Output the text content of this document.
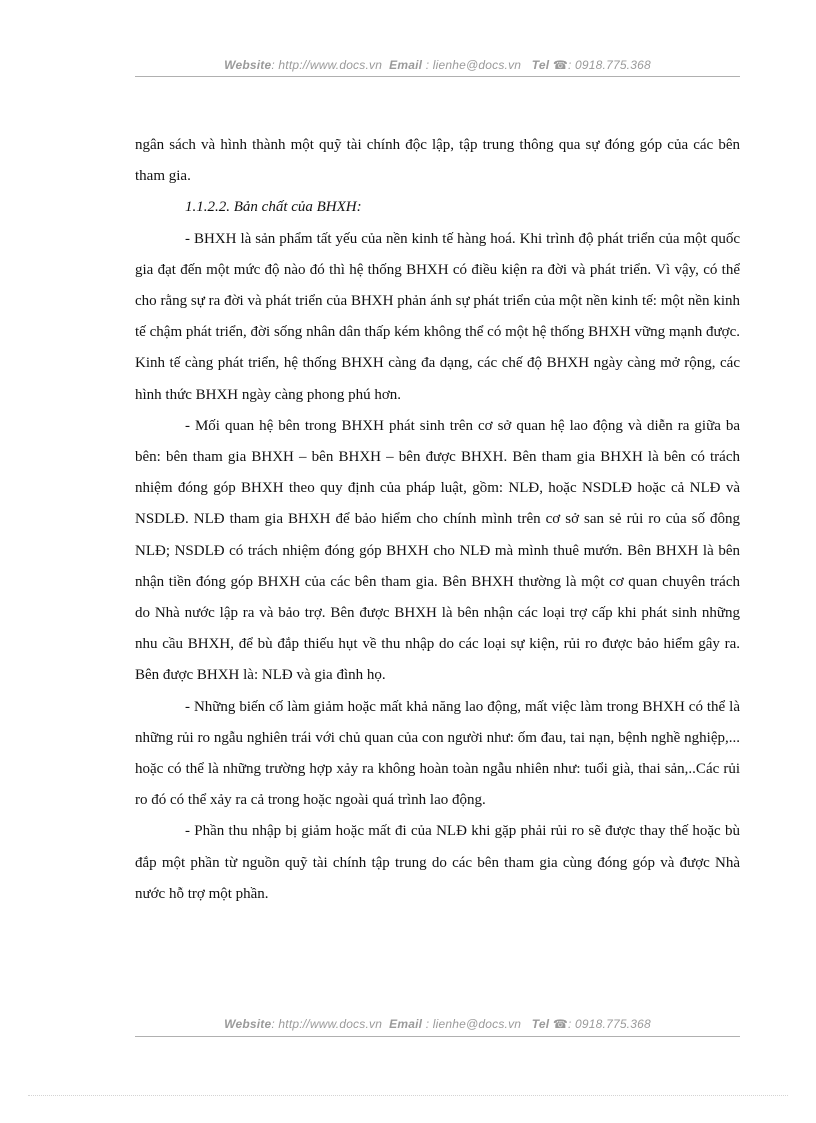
Website: http://www.docs.vn Email : lienhe@docs.vn Tel ☎: 0918.775.368

ngân sách và hình thành một quỹ tài chính độc lập, tập trung thông qua sự đóng góp của các bên tham gia.

1.1.2.2. Bản chất của BHXH:

- BHXH là sản phẩm tất yếu của nền kinh tế hàng hoá. Khi trình độ phát triển của một quốc gia đạt đến một mức độ nào đó thì hệ thống BHXH có điều kiện ra đời và phát triển. Vì vậy, có thể cho rằng sự ra đời và phát triển của BHXH phản ánh sự phát triển của một nền kinh tế: một nền kinh tế chậm phát triển, đời sống nhân dân thấp kém không thể có một hệ thống BHXH vững mạnh được. Kinh tế càng phát triển, hệ thống BHXH càng đa dạng, các chế độ BHXH ngày càng mở rộng, các hình thức BHXH ngày càng phong phú hơn.

- Mối quan hệ bên trong BHXH phát sinh trên cơ sở quan hệ lao động và diễn ra giữa ba bên: bên tham gia BHXH – bên BHXH – bên được BHXH. Bên tham gia BHXH là bên có trách nhiệm đóng góp BHXH theo quy định của pháp luật, gồm: NLĐ, hoặc NSDLĐ hoặc cả NLĐ và NSDLĐ. NLĐ tham gia BHXH để bảo hiểm cho chính mình trên cơ sở san sẻ rủi ro của số đông NLĐ; NSDLĐ có trách nhiệm đóng góp BHXH cho NLĐ mà mình thuê mướn. Bên BHXH là bên nhận tiền đóng góp BHXH của các bên tham gia. Bên BHXH thường là một cơ quan chuyên trách do Nhà nước lập ra và bảo trợ. Bên được BHXH là bên nhận các loại trợ cấp khi phát sinh những nhu cầu BHXH, để bù đắp thiếu hụt về thu nhập do các loại sự kiện, rủi ro được bảo hiểm gây ra. Bên được BHXH là: NLĐ và gia đình họ.

- Những biến cố làm giảm hoặc mất khả năng lao động, mất việc làm trong BHXH có thể là những rủi ro ngẫu nghiên trái với chủ quan của con người như: ốm đau, tai nạn, bệnh nghề nghiệp,... hoặc có thể là những trường hợp xảy ra không hoàn toàn ngẫu nhiên như: tuổi già, thai sản,..Các rủi ro đó có thể xảy ra cả trong hoặc ngoài quá trình lao động.

- Phần thu nhập bị giảm hoặc mất đi của NLĐ khi gặp phải rủi ro sẽ được thay thế hoặc bù đắp một phần từ nguồn quỹ tài chính tập trung do các bên tham gia cùng đóng góp và được Nhà nước hỗ trợ một phần.

Website: http://www.docs.vn Email : lienhe@docs.vn Tel ☎: 0918.775.368
